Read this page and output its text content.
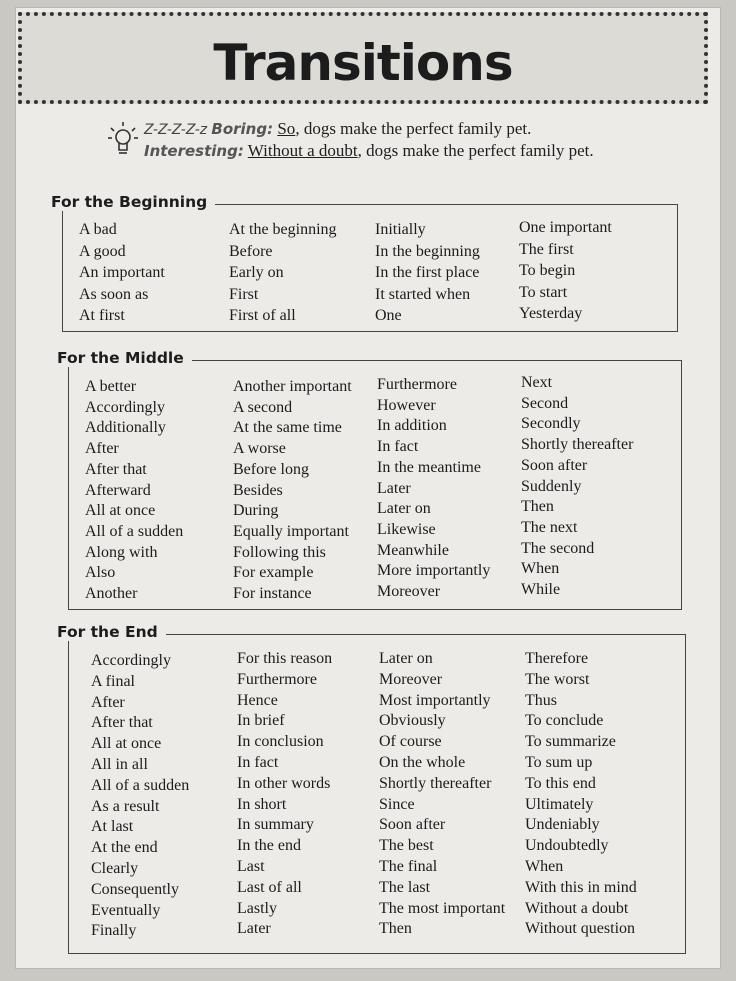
Transitions
Z-Z-Z-Z-z Boring: So, dogs make the perfect family pet.
Interesting: Without a doubt, dogs make the perfect family pet.
For the Beginning
A bad
A good
An important
As soon as
At first
At the beginning
Before
Early on
First
First of all
Initially
In the beginning
In the first place
It started when
One
One important
The first
To begin
To start
Yesterday
For the Middle
A better
Accordingly
Additionally
After
After that
Afterward
All at once
All of a sudden
Along with
Also
Another
Another important
A second
At the same time
A worse
Before long
Besides
During
Equally important
Following this
For example
For instance
Furthermore
However
In addition
In fact
In the meantime
Later
Later on
Likewise
Meanwhile
More importantly
Moreover
Next
Second
Secondly
Shortly thereafter
Soon after
Suddenly
Then
The next
The second
When
While
For the End
Accordingly
A final
After
After that
All at once
All in all
All of a sudden
As a result
At last
At the end
Clearly
Consequently
Eventually
Finally
For this reason
Furthermore
Hence
In brief
In conclusion
In fact
In other words
In short
In summary
In the end
Last
Last of all
Lastly
Later
Later on
Moreover
Most importantly
Obviously
Of course
On the whole
Shortly thereafter
Since
Soon after
The best
The final
The last
The most important
Then
Therefore
The worst
Thus
To conclude
To summarize
To sum up
To this end
Ultimately
Undeniably
Undoubtedly
When
With this in mind
Without a doubt
Without question
